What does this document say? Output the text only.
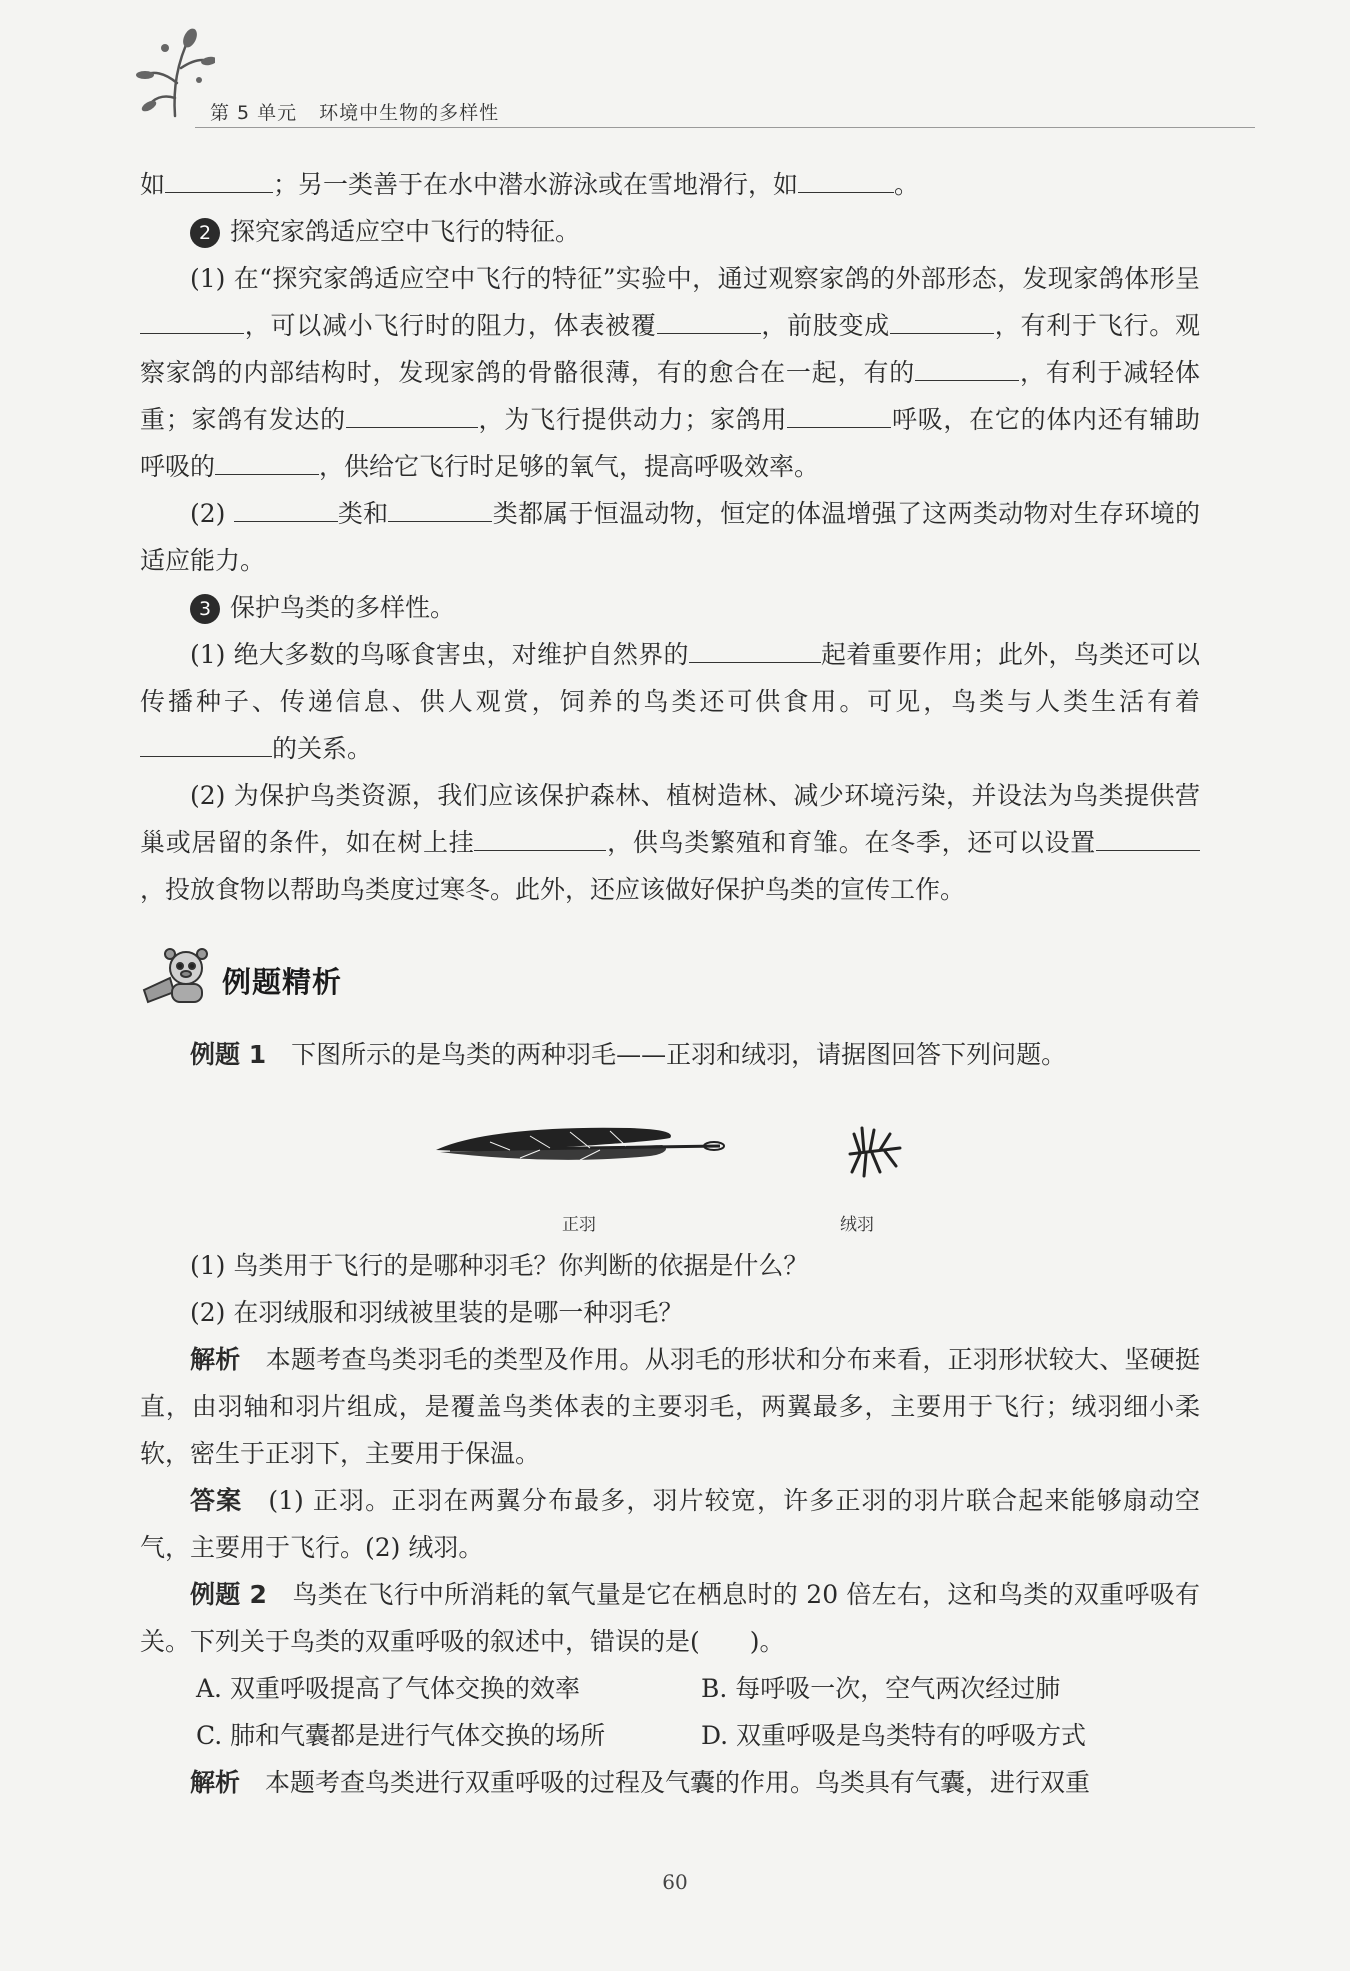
第 5 单元 环境中生物的多样性

如	；另一类善于在水中潜水游泳或在雪地滑行，如	。

2 探究家鸽适应空中飞行的特征。

(1) 在“探究家鸽适应空中飞行的特征”实验中，通过观察家鸽的外部形态，发现家鸽体形呈，可以减小飞行时的阻力，体表被覆	，前肢变成	，有利于飞行。观察家鸽的内部结构时，发现家鸽的骨骼很薄，有的愈合在一起，有的	，有利于减轻体重；家鸽有发达的	，为飞行提供动力；家鸽用	呼吸，在它的体内还有辅助呼吸的	，供给它飞行时足够的氧气，提高呼吸效率。

(2)	类和	类都属于恒温动物，恒定的体温增强了这两类动物对生存环境的适应能力。

3 保护鸟类的多样性。

(1) 绝大多数的鸟啄食害虫，对维护自然界的	起着重要作用；此外，鸟类还可以传播种子、传递信息、供人观赏，饲养的鸟类还可供食用。可见，鸟类与人类生活有着的关系。

(2) 为保护鸟类资源，我们应该保护森林、植树造林、减少环境污染，并设法为鸟类提供营巢或居留的条件，如在树上挂	，供鸟类繁殖和育雏。在冬季，还可以设置，投放食物以帮助鸟类度过寒冬。此外，还应该做好保护鸟类的宣传工作。

例题精析

例题 1　 下图所示的是鸟类的两种羽毛——正羽和绒羽，请据图回答下列问题。

正羽	绒羽

(1) 鸟类用于飞行的是哪种羽毛？你判断的依据是什么？

(2) 在羽绒服和羽绒被里装的是哪一种羽毛？

解析　 本题考查鸟类羽毛的类型及作用。从羽毛的形状和分布来看，正羽形状较大、坚硬挺直，由羽轴和羽片组成，是覆盖鸟类体表的主要羽毛，两翼最多，主要用于飞行；绒羽细小柔软，密生于正羽下，主要用于保温。

答案　 (1) 正羽。正羽在两翼分布最多，羽片较宽，许多正羽的羽片联合起来能够扇动空气，主要用于飞行。(2) 绒羽。

例题 2　 鸟类在飞行中所消耗的氧气量是它在栖息时的 20 倍左右，这和鸟类的双重呼吸有关。下列关于鸟类的双重呼吸的叙述中，错误的是(　　)。

A. 双重呼吸提高了气体交换的效率	B. 每呼吸一次，空气两次经过肺
C. 肺和气囊都是进行气体交换的场所	D. 双重呼吸是鸟类特有的呼吸方式

解析　 本题考查鸟类进行双重呼吸的过程及气囊的作用。鸟类具有气囊，进行双重

60
